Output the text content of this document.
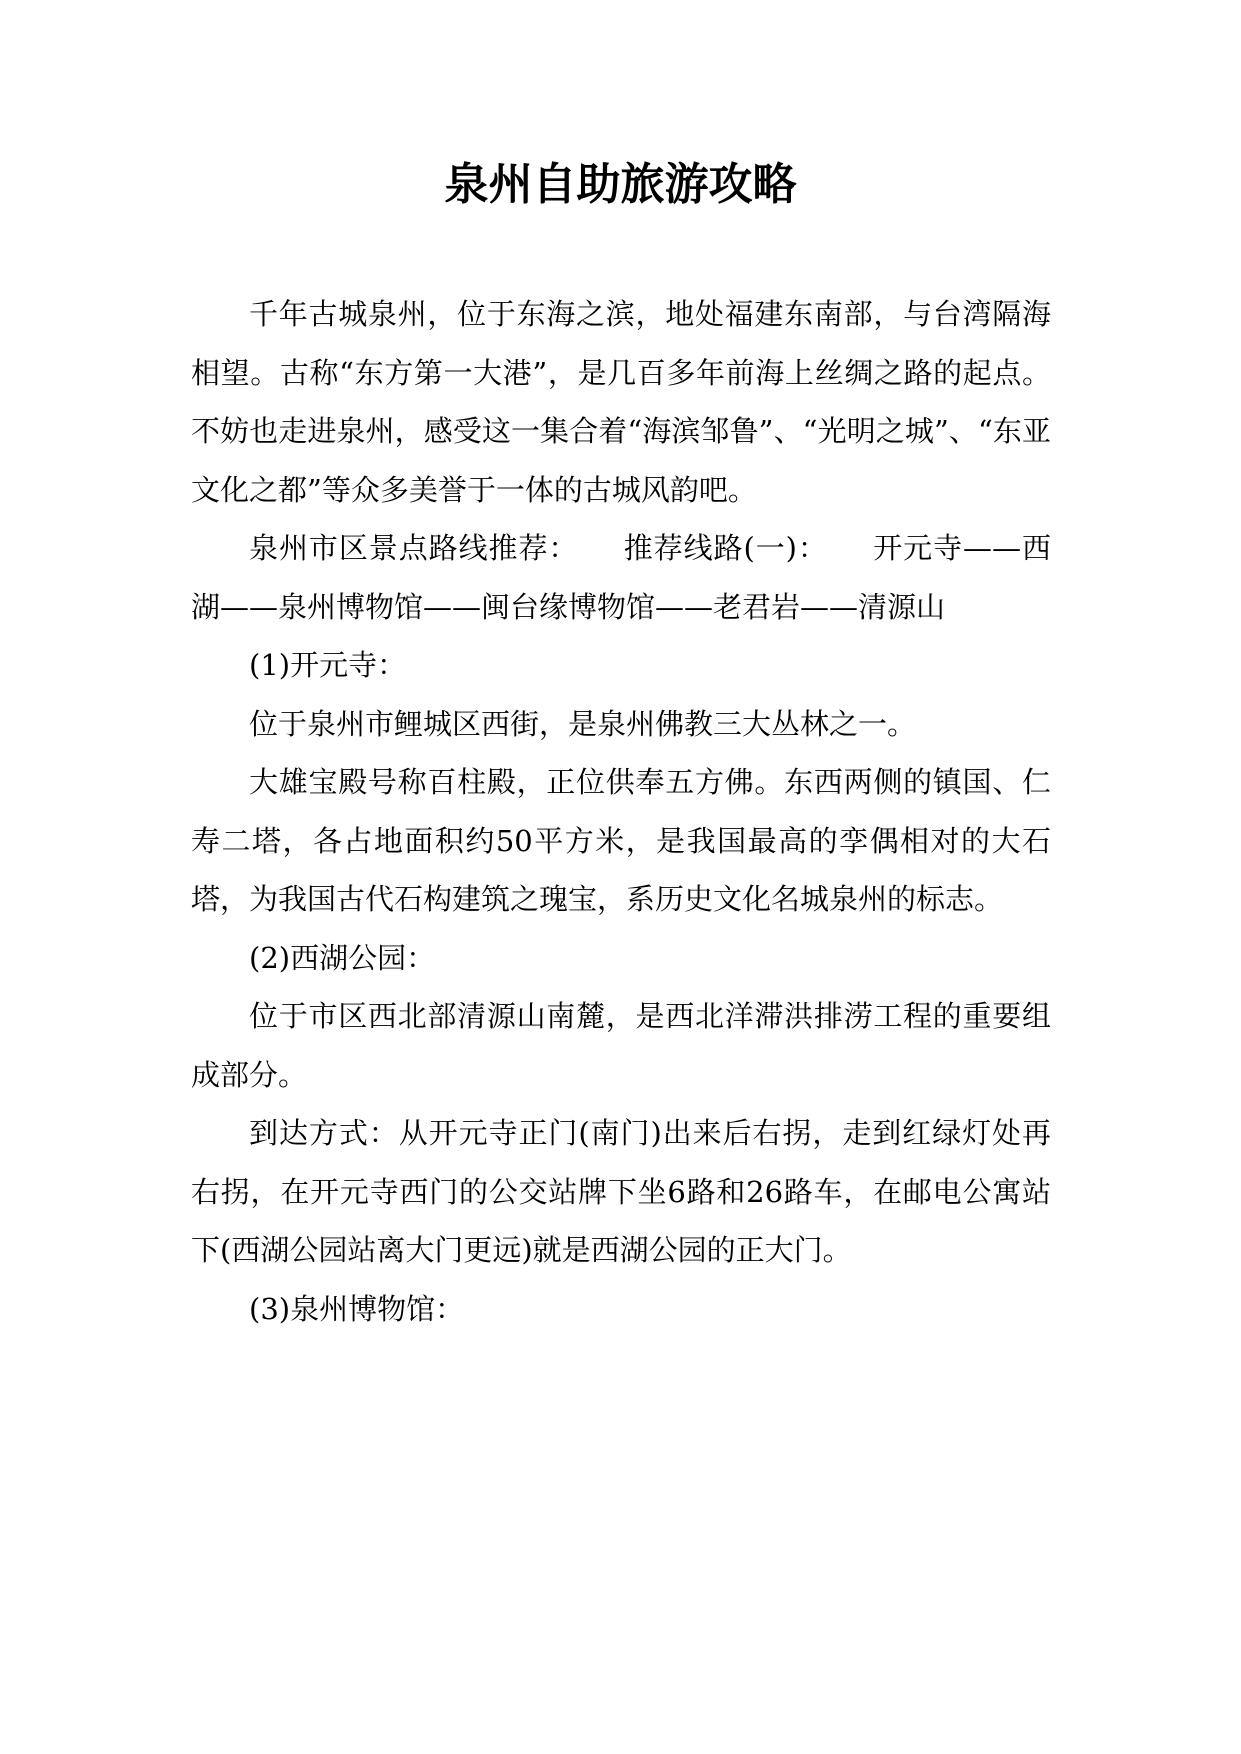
泉州自助旅游攻略

千年古城泉州，位于东海之滨，地处福建东南部，与台湾隔海相望。古称“东方第一大港”，是几百多年前海上丝绸之路的起点。不妨也走进泉州，感受这一集合着“海滨邹鲁”、“光明之城”、“东亚文化之都”等众多美誉于一体的古城风韵吧。

泉州市区景点路线推荐：　　推荐线路(一)：　　开元寺——西湖——泉州博物馆——闽台缘博物馆——老君岩——清源山

(1)开元寺：

位于泉州市鲤城区西街，是泉州佛教三大丛林之一。

大雄宝殿号称百柱殿，正位供奉五方佛。东西两侧的镇国、仁寿二塔，各占地面积约50平方米，是我国最高的孪偶相对的大石塔，为我国古代石构建筑之瑰宝，系历史文化名城泉州的标志。

(2)西湖公园：

位于市区西北部清源山南麓，是西北洋滞洪排涝工程的重要组成部分。

到达方式：从开元寺正门(南门)出来后右拐，走到红绿灯处再右拐，在开元寺西门的公交站牌下坐6路和26路车，在邮电公寓站下(西湖公园站离大门更远)就是西湖公园的正大门。

(3)泉州博物馆：
